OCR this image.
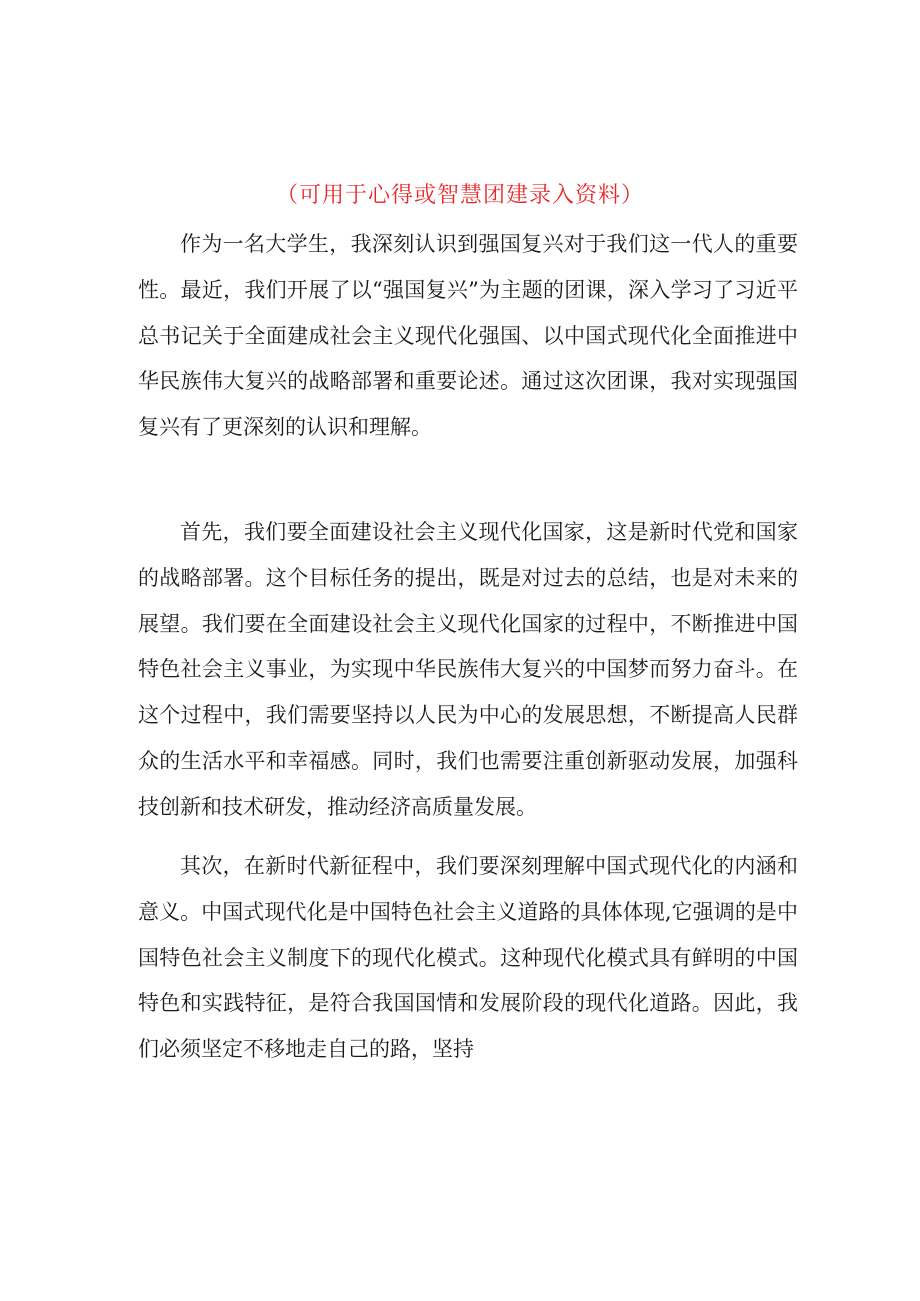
（可用于心得或智慧团建录入资料）

作为一名大学生，我深刻认识到强国复兴对于我们这一代人的重要性。最近，我们开展了以“强国复兴”为主题的团课，深入学习了习近平总书记关于全面建成社会主义现代化强国、以中国式现代化全面推进中华民族伟大复兴的战略部署和重要论述。通过这次团课，我对实现强国复兴有了更深刻的认识和理解。

首先，我们要全面建设社会主义现代化国家，这是新时代党和国家的战略部署。这个目标任务的提出，既是对过去的总结，也是对未来的展望。我们要在全面建设社会主义现代化国家的过程中，不断推进中国特色社会主义事业，为实现中华民族伟大复兴的中国梦而努力奋斗。在这个过程中，我们需要坚持以人民为中心的发展思想，不断提高人民群众的生活水平和幸福感。同时，我们也需要注重创新驱动发展，加强科技创新和技术研发，推动经济高质量发展。

其次，在新时代新征程中，我们要深刻理解中国式现代化的内涵和意义。中国式现代化是中国特色社会主义道路的具体体现,它强调的是中国特色社会主义制度下的现代化模式。这种现代化模式具有鲜明的中国特色和实践特征，是符合我国国情和发展阶段的现代化道路。因此，我们必须坚定不移地走自己的路，坚持
